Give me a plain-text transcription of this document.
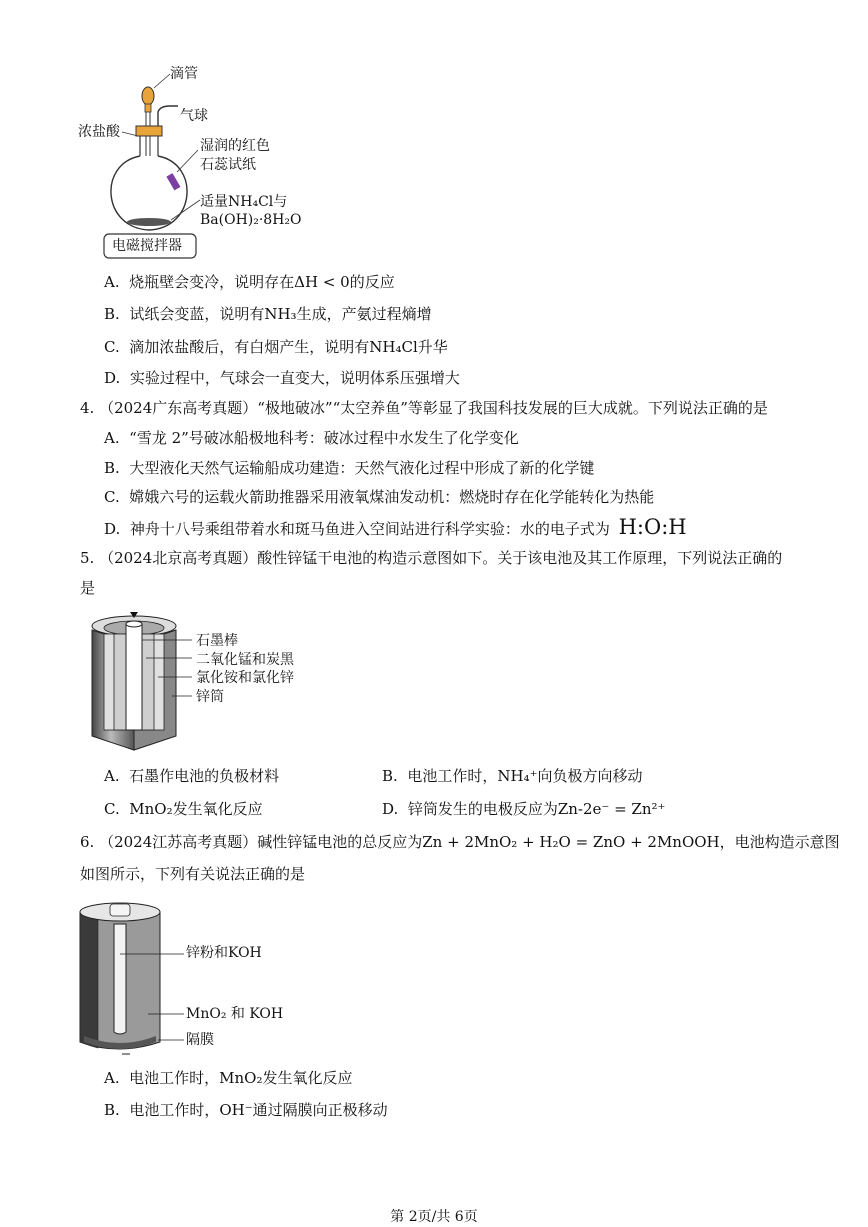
滴管
气球
浓盐酸
湿润的红色
石蕊试纸
适量NH₄Cl与
Ba(OH)₂·8H₂O
电磁搅拌器
A. 烧瓶壁会变冷，说明存在ΔH < 0的反应
B. 试纸会变蓝，说明有NH₃生成，产氨过程熵增
C. 滴加浓盐酸后，有白烟产生，说明有NH₄Cl升华
D. 实验过程中，气球会一直变大，说明体系压强增大
4. （2024广东高考真题）“极地破冰”“太空养鱼”等彰显了我国科技发展的巨大成就。下列说法正确的是
A. “雪龙 2”号破冰船极地科考：破冰过程中水发生了化学变化
B. 大型液化天然气运输船成功建造：天然气液化过程中形成了新的化学键
C. 嫦娥六号的运载火箭助推器采用液氧煤油发动机：燃烧时存在化学能转化为热能
D. 神舟十八号乘组带着水和斑马鱼进入空间站进行科学实验：水的电子式为 H:O:H
5. （2024北京高考真题）酸性锌锰干电池的构造示意图如下。关于该电池及其工作原理，下列说法正确的
是
石墨棒
二氧化锰和炭黑
氯化铵和氯化锌
锌筒
A. 石墨作电池的负极材料	B. 电池工作时，NH₄⁺向负极方向移动
C. MnO₂发生氧化反应	D. 锌筒发生的电极反应为Zn-2e⁻ = Zn²⁺
6. （2024江苏高考真题）碱性锌锰电池的总反应为Zn + 2MnO₂ + H₂O = ZnO + 2MnOOH，电池构造示意图
如图所示，下列有关说法正确的是
锌粉和KOH
MnO₂ 和 KOH
隔膜
A. 电池工作时，MnO₂发生氧化反应
B. 电池工作时，OH⁻通过隔膜向正极移动
第 2页/共 6页
